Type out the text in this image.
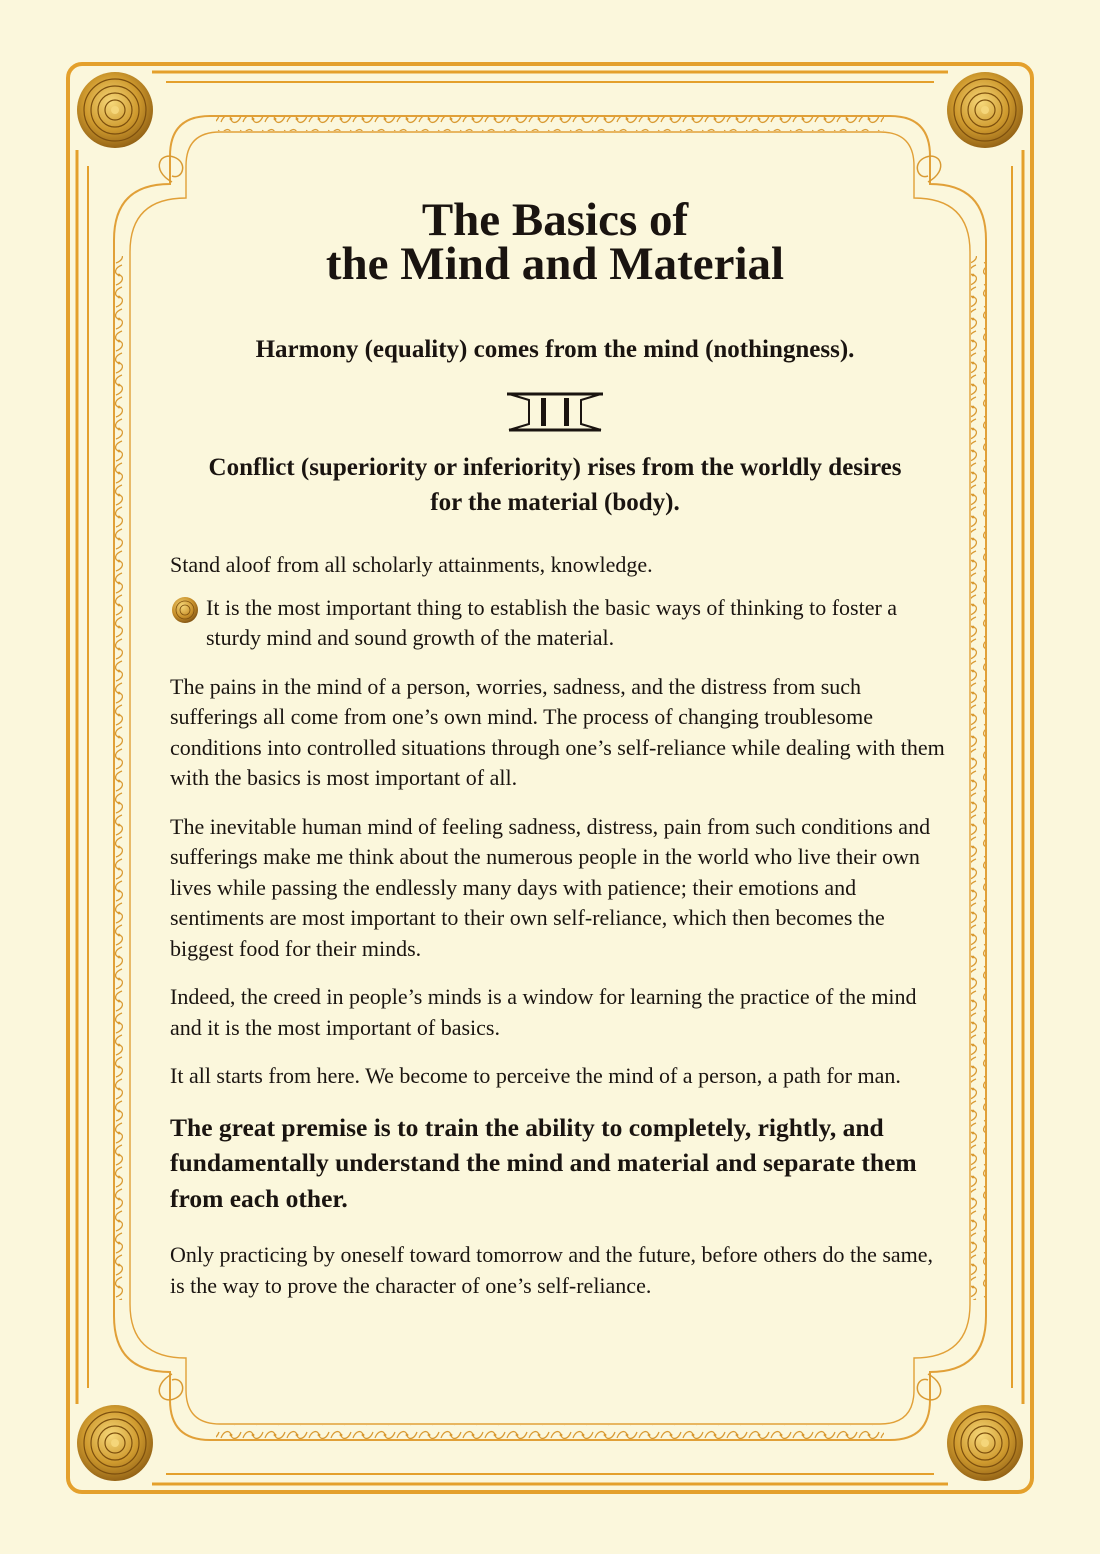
The Basics of
the Mind and Material

Harmony (equality) comes from the mind (nothingness).

Conflict (superiority or inferiority) rises from the worldly desires
for the material (body).

Stand aloof from all scholarly attainments, knowledge.

It is the most important thing to establish the basic ways of thinking to foster a sturdy mind and sound growth of the material.

The pains in the mind of a person, worries, sadness, and the distress from such sufferings all come from one’s own mind. The process of changing troublesome conditions into controlled situations through one’s self-reliance while dealing with them with the basics is most important of all.

The inevitable human mind of feeling sadness, distress, pain from such conditions and sufferings make me think about the numerous people in the world who live their own lives while passing the endlessly many days with patience; their emotions and sentiments are most important to their own self-reliance, which then becomes the biggest food for their minds.

Indeed, the creed in people’s minds is a window for learning the practice of the mind and it is the most important of basics.

It all starts from here. We become to perceive the mind of a person, a path for man.

The great premise is to train the ability to completely, rightly, and fundamentally understand the mind and material and separate them from each other.

Only practicing by oneself toward tomorrow and the future, before others do the same, is the way to prove the character of one’s self-reliance.
